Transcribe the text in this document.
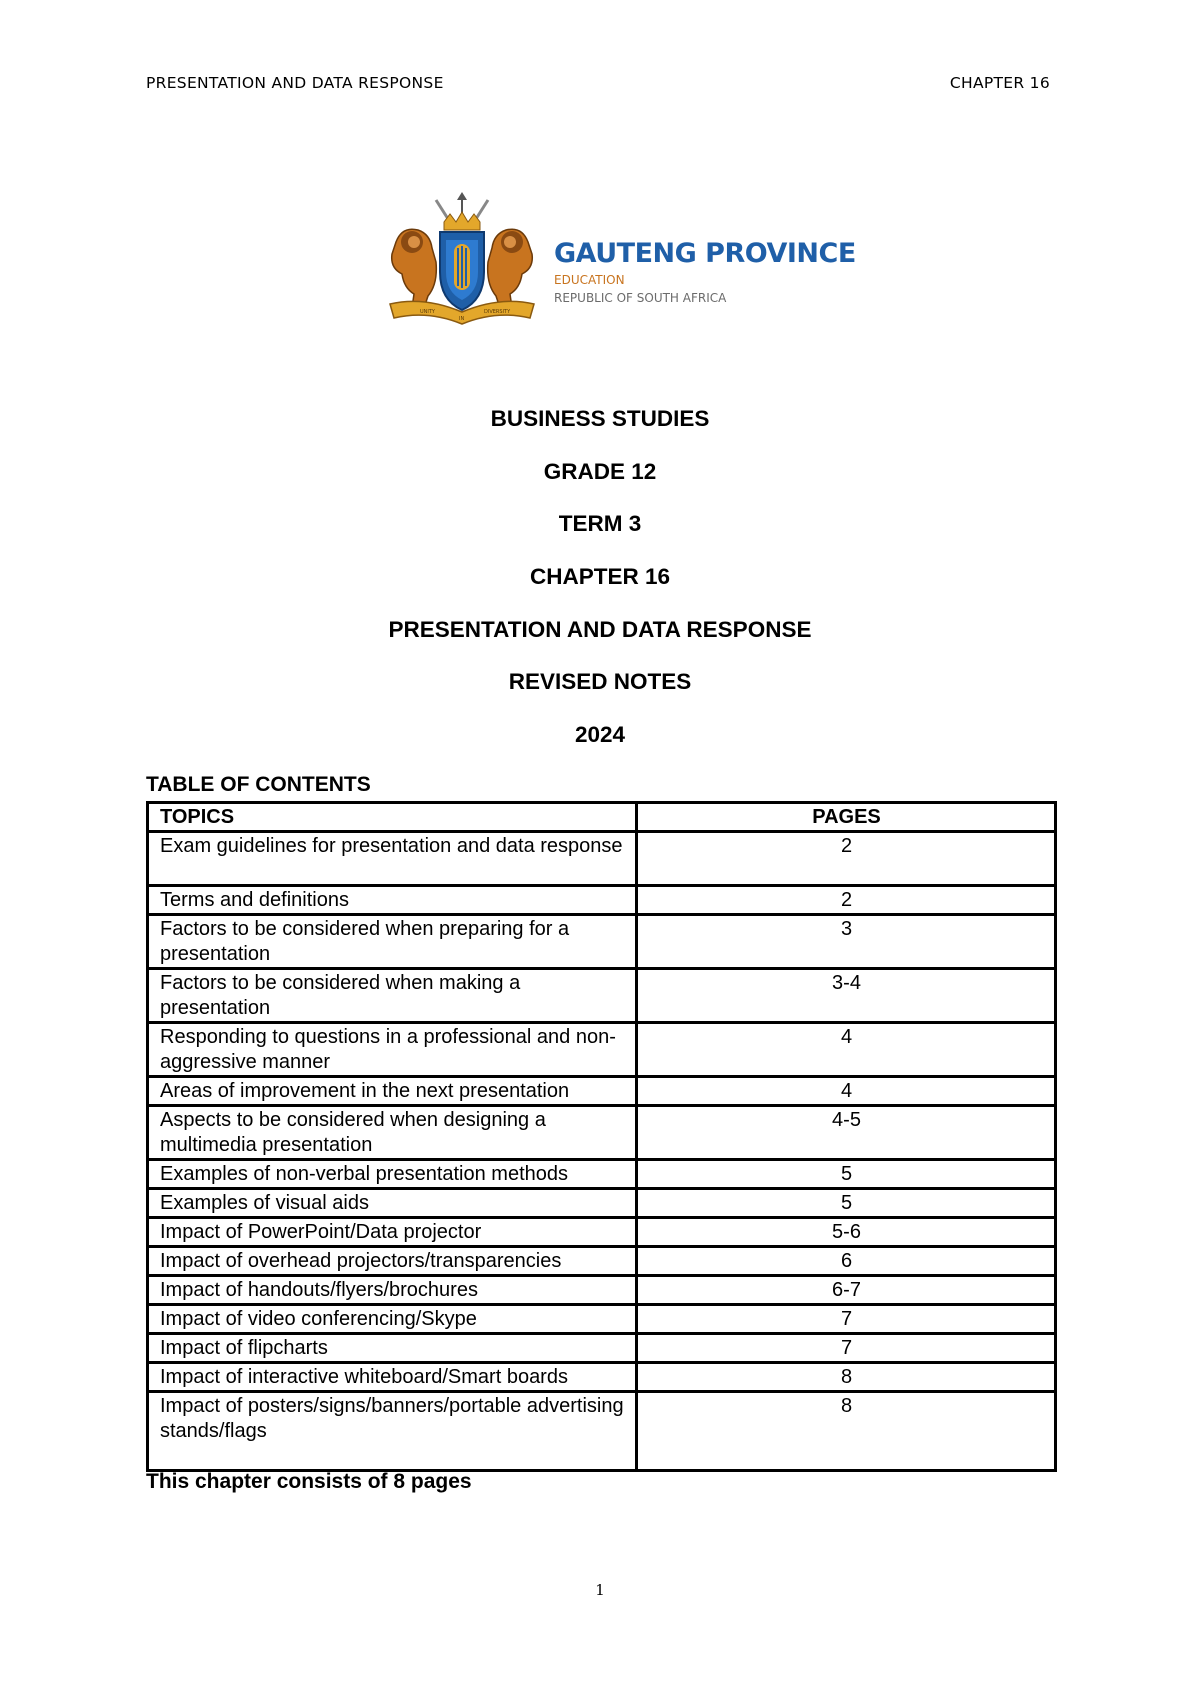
PRESENTATION AND DATA RESPONSE	CHAPTER 16
UNITY
IN
DIVERSITY
GAUTENG PROVINCE
EDUCATION
REPUBLIC OF SOUTH AFRICA
BUSINESS STUDIES
GRADE 12
TERM 3
CHAPTER 16
PRESENTATION AND DATA RESPONSE
REVISED NOTES
2024
TABLE OF CONTENTS
TOPICS	PAGES
Exam guidelines for presentation and data response	2
Terms and definitions	2
Factors to be considered when preparing for a presentation	3
Factors to be considered when making a presentation	3-4
Responding to questions in a professional and non-aggressive manner	4
Areas of improvement in the next presentation	4
Aspects to be considered when designing a multimedia presentation	4-5
Examples of non-verbal presentation methods	5
Examples of visual aids	5
Impact of PowerPoint/Data projector	5-6
Impact of overhead projectors/transparencies	6
Impact of handouts/flyers/brochures	6-7
Impact of video conferencing/Skype	7
Impact of flipcharts	7
Impact of interactive whiteboard/Smart boards	8
Impact of posters/signs/banners/portable advertising stands/flags	8
This chapter consists of 8 pages
1
